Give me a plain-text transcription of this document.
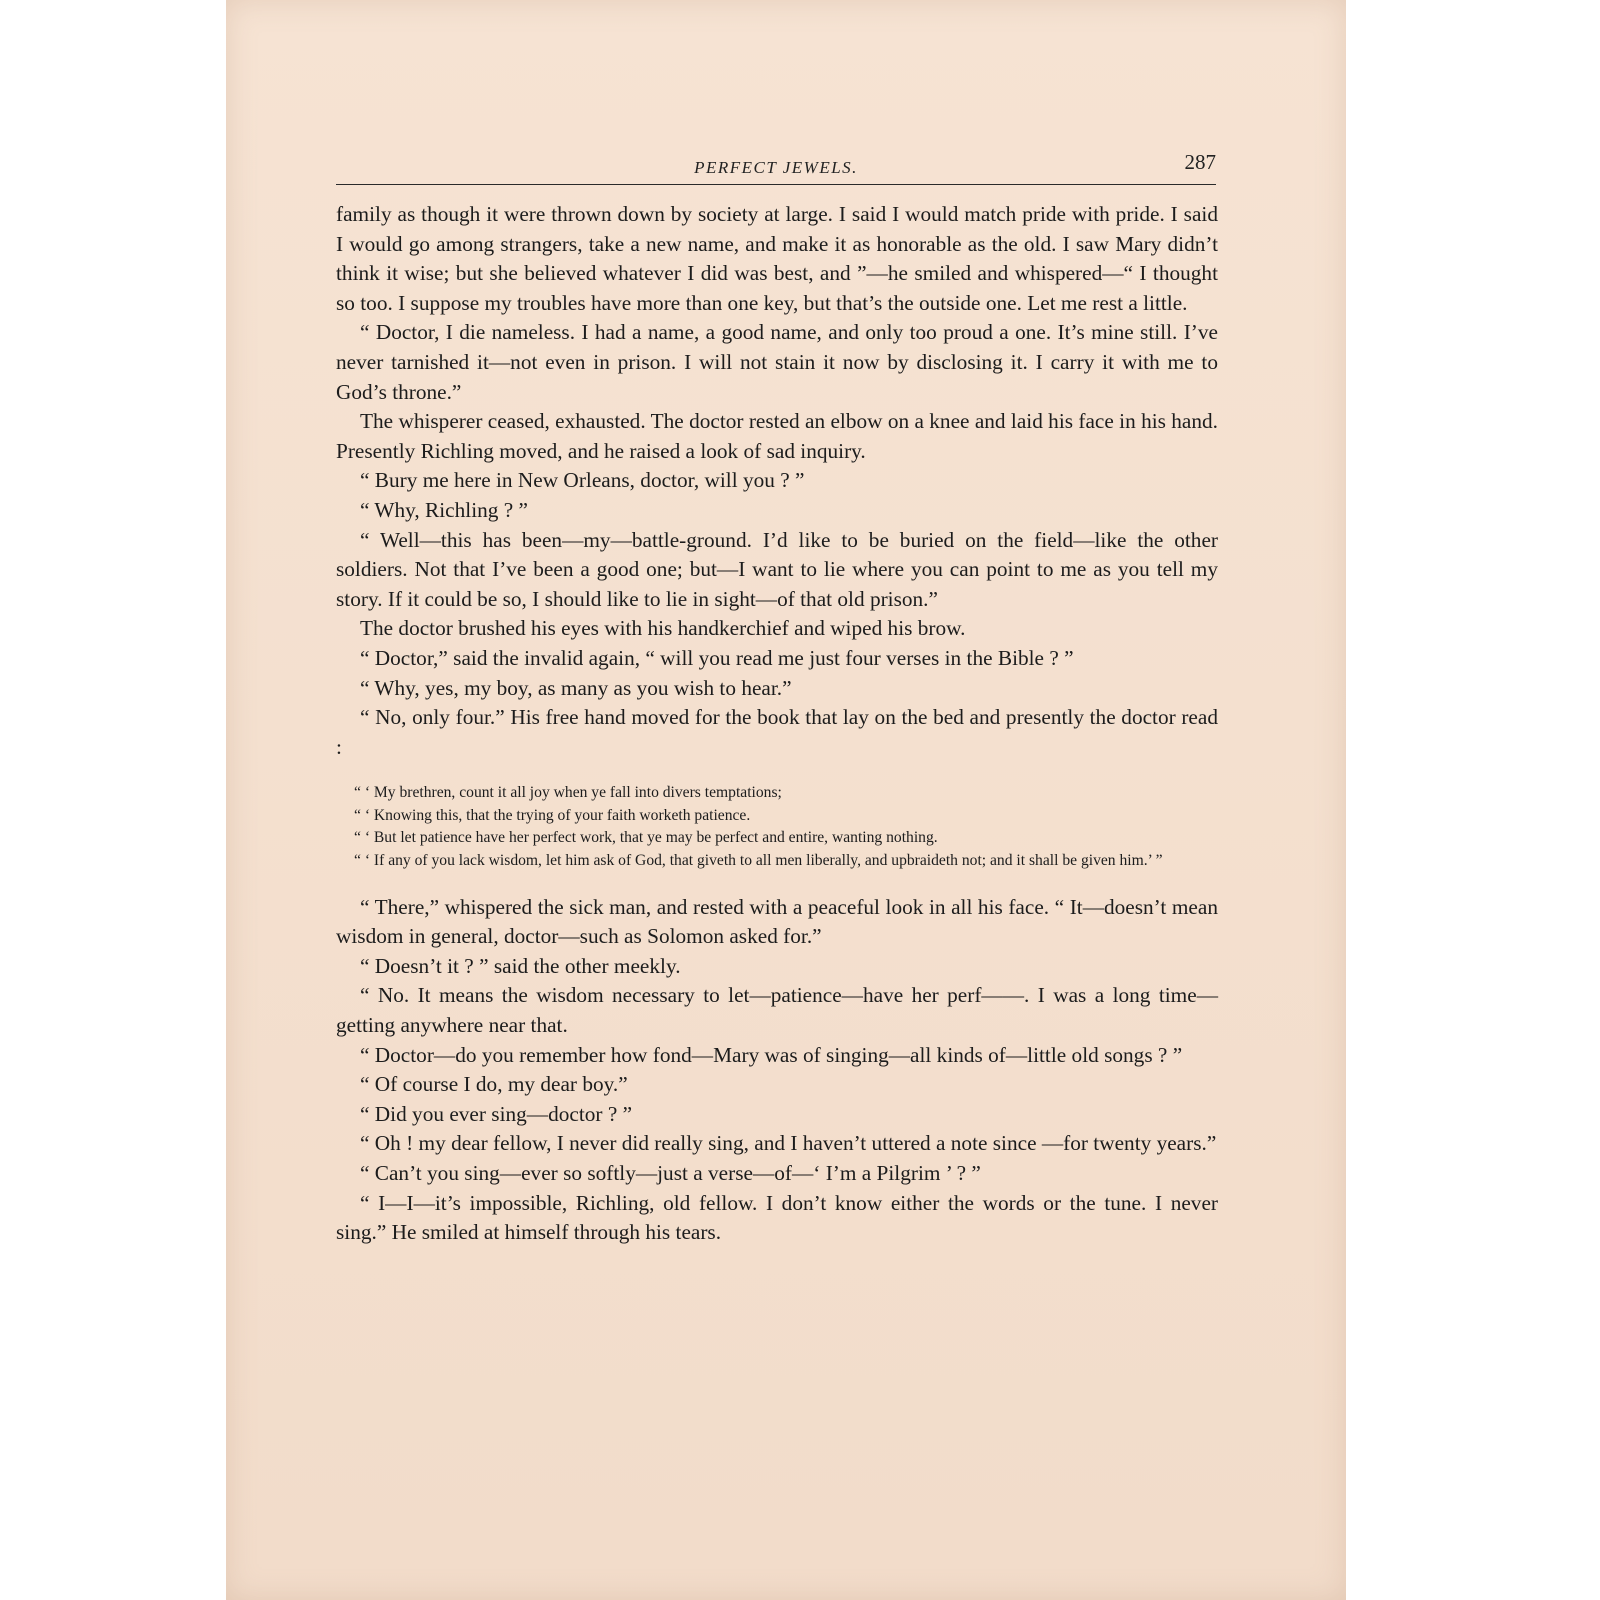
PERFECT JEWELS.	287

family as though it were thrown down by society at large. I said I would match pride with pride. I said I would go among strangers, take a new name, and make it as honorable as the old. I saw Mary didn’t think it wise; but she believed whatever I did was best, and ”—he smiled and whispered—“ I thought so too. I suppose my troubles have more than one key, but that’s the outside one. Let me rest a little.

“ Doctor, I die nameless. I had a name, a good name, and only too proud a one. It’s mine still. I’ve never tarnished it—not even in prison. I will not stain it now by disclosing it. I carry it with me to God’s throne.”

The whisperer ceased, exhausted. The doctor rested an elbow on a knee and laid his face in his hand. Presently Richling moved, and he raised a look of sad inquiry.

“ Bury me here in New Orleans, doctor, will you ? ”

“ Why, Richling ? ”

“ Well—this has been—my—battle-ground. I’d like to be buried on the field—like the other soldiers. Not that I’ve been a good one; but—I want to lie where you can point to me as you tell my story. If it could be so, I should like to lie in sight—of that old prison.”

The doctor brushed his eyes with his handkerchief and wiped his brow.

“ Doctor,” said the invalid again, “ will you read me just four verses in the Bible ? ”

“ Why, yes, my boy, as many as you wish to hear.”

“ No, only four.” His free hand moved for the book that lay on the bed and presently the doctor read :

“ ‘ My brethren, count it all joy when ye fall into divers temptations;

“ ‘ Knowing this, that the trying of your faith worketh patience.

“ ‘ But let patience have her perfect work, that ye may be perfect and entire, wanting nothing.

“ ‘ If any of you lack wisdom, let him ask of God, that giveth to all men liberally, and upbraideth not; and it shall be given him.’ ”

“ There,” whispered the sick man, and rested with a peaceful look in all his face. “ It—doesn’t mean wisdom in general, doctor—such as Solomon asked for.”

“ Doesn’t it ? ” said the other meekly.

“ No. It means the wisdom necessary to let—patience—have her perf——. I was a long time—getting anywhere near that.

“ Doctor—do you remember how fond—Mary was of singing—all kinds of—little old songs ? ”

“ Of course I do, my dear boy.”

“ Did you ever sing—doctor ? ”

“ Oh ! my dear fellow, I never did really sing, and I haven’t uttered a note since —for twenty years.”

“ Can’t you sing—ever so softly—just a verse—of—‘ I’m a Pilgrim ’ ? ”

“ I—I—it’s impossible, Richling, old fellow. I don’t know either the words or the tune. I never sing.” He smiled at himself through his tears.
